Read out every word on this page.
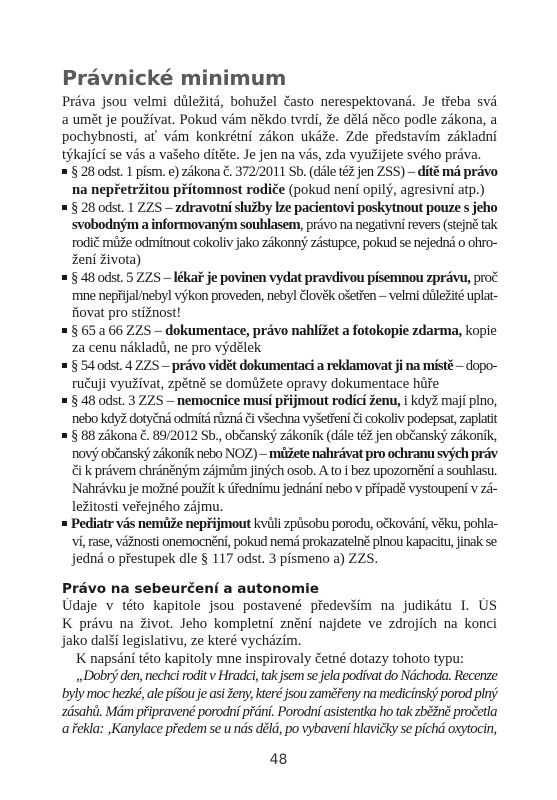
Právnické minimum
Práva jsou velmi důležitá, bohužel často nerespektovaná. Je třeba svá
a umět je používat. Pokud vám někdo tvrdí, že dělá něco podle zákona, a
pochybnosti, ať vám konkrétní zákon ukáže. Zde představím základní
týkající se vás a vašeho dítěte. Je jen na vás, zda využijete svého práva.
§ 28 odst. 1 písm. e) zákona č. 372/2011 Sb. (dále též jen ZSS) – dítě má právo
na nepřetržitou přítomnost rodiče (pokud není opilý, agresivní atp.)
§ 28 odst. 1 ZZS – zdravotní služby lze pacientovi poskytnout pouze s jeho
svobodným a informovaným souhlasem, právo na negativní revers (stejně tak
rodič může odmítnout cokoliv jako zákonný zástupce, pokud se nejedná o ohro-
žení života)
§ 48 odst. 5 ZZS – lékař je povinen vydat pravdivou písemnou zprávu, proč
mne nepřijal/nebyl výkon proveden, nebyl člověk ošetřen – velmi důležité uplat-
ňovat pro stížnost!
§ 65 a 66 ZZS – dokumentace, právo nahlížet a fotokopie zdarma, kopie
za cenu nákladů, ne pro výdělek
§ 54 odst. 4 ZZS – právo vidět dokumentaci a reklamovat ji na místě – dopo-
ručuji využívat, zpětně se domůžete opravy dokumentace hůře
§ 48 odst. 3 ZZS – nemocnice musí přijmout rodící ženu, i když mají plno,
nebo když dotyčná odmítá různá či všechna vyšetření či cokoliv podepsat, zaplatit
§ 88 zákona č. 89/2012 Sb., občanský zákoník (dále též jen občanský zákoník,
nový občanský zákoník nebo NOZ) – můžete nahrávat pro ochranu svých práv
či k právem chráněným zájmům jiných osob. A to i bez upozornění a souhlasu.
Nahrávku je možné použít k úřednímu jednání nebo v případě vystoupení v zá-
ležitosti veřejného zájmu.
Pediatr vás nemůže nepřijmout kvůli způsobu porodu, očkování, věku, pohla-
ví, rase, vážnosti onemocnění, pokud nemá prokazatelně plnou kapacitu, jinak se
jedná o přestupek dle § 117 odst. 3 písmeno a) ZZS.
Právo na sebeurčení a autonomie
Údaje v této kapitole jsou postavené především na judikátu I. ÚS
K právu na život. Jeho kompletní znění najdete ve zdrojích na konci
jako další legislativu, ze které vycházím.
K napsání této kapitoly mne inspirovaly četné dotazy tohoto typu:
„Dobrý den, nechci rodit v Hradci, tak jsem se jela podívat do Náchoda. Recenze
byly moc hezké, ale píšou je asi ženy, které jsou zaměřeny na medicínský porod plný
zásahů. Mám připravené porodní přání. Porodní asistentka ho tak zběžně pročetla
a řekla: ‚Kanylace předem se u nás dělá, po vybavení hlavičky se píchá oxytocin,
48
